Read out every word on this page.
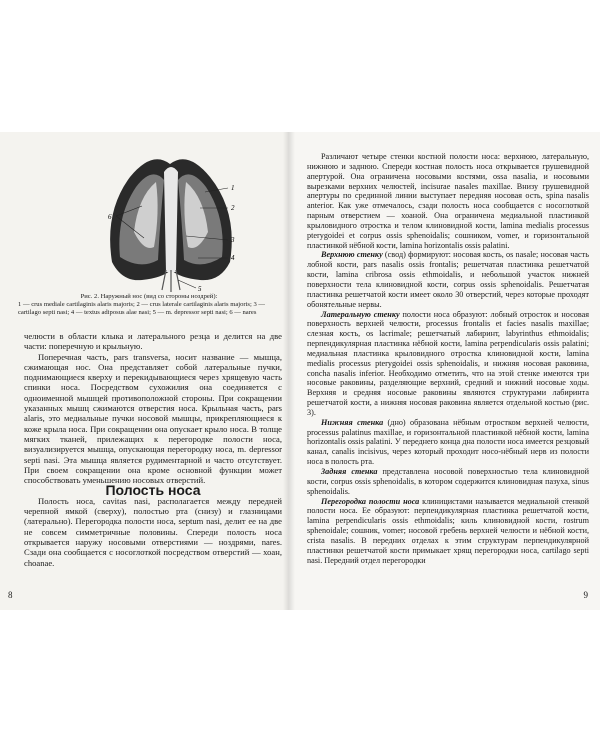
1
2
3
4
5
6
Рис. 2. Наружный нос (вид со стороны ноздрей):
1 — crus mediale cartilaginis alaris majoris; 2 — crus laterale cartilaginis alaris majoris; 3 — cartilago septi nasi; 4 — textus adiposus alae nasi; 5 — m. depressor septi nasi; 6 — nares

челюсти в области клыка и латерального резца и делится на две части: поперечную и крыльную.

Поперечная часть, pars transversa, носит название — мышца, сжимающая нос. Она представляет собой латеральные пучки, поднимающиеся кверху и перекидывающиеся через хрящевую часть спинки носа. Посредством сухожилия она соединяется с одноименной мышцей противоположной стороны. При сокращении указанных мышц сжимаются отверстия носа. Крыльная часть, pars alaris, это медиальные пучки носовой мышцы, прикрепляющиеся к коже крыла носа. При сокращении она опускает крыло носа. В толще мягких тканей, прилежащих к перегородке полости носа, визуализируется мышца, опускающая перегородку носа, m. depressor septi nasi. Эта мышца является рудиментарной и часто отсутствует. При своем сокращении она кроме основной функции может способствовать уменьшению носовых отверстий.

Полость носа

Полость носа, cavitas nasi, располагается между передней черепной ямкой (сверху), полостью рта (снизу) и глазницами (латерально). Перегородка полости носа, septum nasi, делит ее на две не совсем симметричные половины. Спереди полость носа открывается наружу носовыми отверстиями — ноздрями, nares. Сзади она сообщается с носоглоткой посредством отверстий — хоан, choanae.

8

Различают четыре стенки костной полости носа: верхнюю, латеральную, нижнюю и заднюю. Спереди костная полость носа открывается грушевидной апертурой. Она ограничена носовыми костями, ossa nasalia, и носовыми вырезками верхних челюстей, incisurae nasales maxillae. Внизу грушевидной апертуры по срединной линии выступает передняя носовая ость, spina nasalis anterior. Как уже отмечалось, сзади полость носа сообщается с носоглоткой парным отверстием — хоаной. Она ограничена медиальной пластинкой крыловидного отростка и телом клиновидной кости, lamina medialis processus pterygoidei et corpus ossis sphenoidalis; сошником, vomer, и горизонтальной пластинкой нёбной кости, lamina horizontalis ossis palatini.

Верхнюю стенку (свод) формируют: носовая кость, os nasale; носовая часть лобной кости, pars nasalis ossis frontalis; решетчатая пластинка решетчатой кости, lamina cribrosa ossis ethmoidalis, и небольшой участок нижней поверхности тела клиновидной кости, corpus ossis sphenoidalis. Решетчатая пластинка решетчатой кости имеет около 30 отверстий, через которые проходят обонятельные нервы.

Латеральную стенку полости носа образуют: лобный отросток и носовая поверхность верхней челюсти, processus frontalis et facies nasalis maxillae; слезная кость, os lacrimale; решетчатый лабиринт, labyrinthus ethmoidalis; перпендикулярная пластинка нёбной кости, lamina perpendicularis ossis palatini; медиальная пластинка крыловидного отростка клиновидной кости, lamina medialis processus pterygoidei ossis sphenoidalis, и нижняя носовая раковина, concha nasalis inferior. Необходимо отметить, что на этой стенке имеются три носовые раковины, разделяющие верхний, средний и нижний носовые ходы. Верхняя и средняя носовые раковины являются структурами лабиринта решетчатой кости, а нижняя носовая раковина является отдельной костью (рис. 3).

Нижняя стенка (дно) образована нёбным отростком верхней челюсти, processus palatinus maxillae, и горизонтальной пластинкой нёбной кости, lamina horizontalis ossis palatini. У переднего конца дна полости носа имеется резцовый канал, canalis incisivus, через который проходит носо-нёбный нерв из полости носа в полость рта.

Задняя стенка представлена носовой поверхностью тела клиновидной кости, corpus ossis sphenoidalis, в котором содержится клиновидная пазуха, sinus sphenoidalis.

Перегородка полости носа клиницистами называется медиальной стенкой полости носа. Ее образуют: перпендикулярная пластинка решетчатой кости, lamina perpendicularis ossis ethmoidalis; киль клиновидной кости, rostrum sphenoidale; сошник, vomer; носовой гребень верхней челюсти и нёбной кости, crista nasalis. В передних отделах к этим структурам перпендикулярной пластинки решетчатой кости примыкает хрящ перегородки носа, cartilago septi nasi. Передний отдел перегородки

9
